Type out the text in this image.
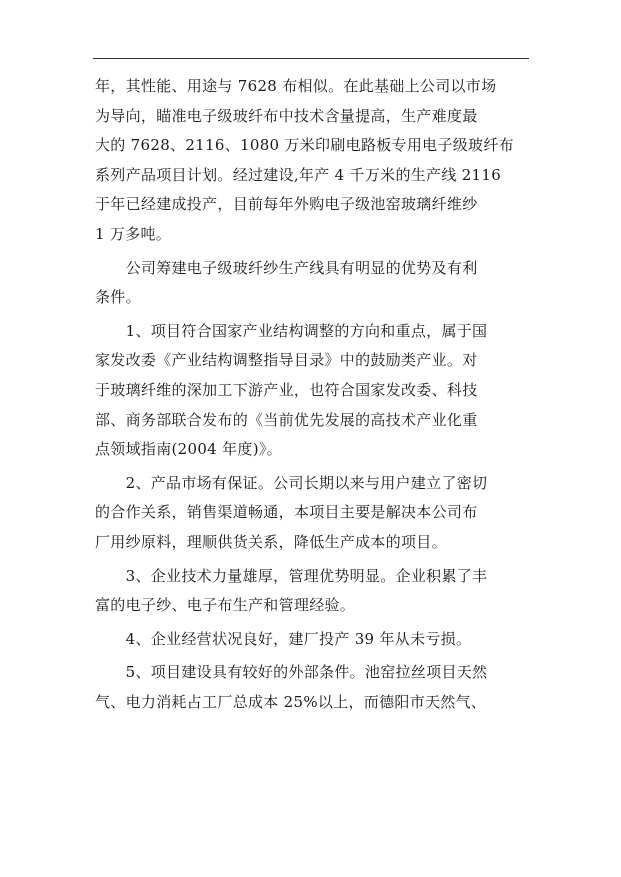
年，其性能、用途与 7628 布相似。在此基础上公司以市场
为导向，瞄准电子级玻纤布中技术含量提高，生产难度最
大的 7628、2116、1080 万米印刷电路板专用电子级玻纤布
系列产品项目计划。经过建设,年产 4 千万米的生产线 2116
于年已经建成投产，目前每年外购电子级池窑玻璃纤维纱
1 万多吨。
　　公司筹建电子级玻纤纱生产线具有明显的优势及有利
条件。
　　1、项目符合国家产业结构调整的方向和重点，属于国
家发改委《产业结构调整指导目录》中的鼓励类产业。对
于玻璃纤维的深加工下游产业，也符合国家发改委、科技
部、商务部联合发布的《当前优先发展的高技术产业化重
点领域指南(2004 年度)》。
　　2、产品市场有保证。公司长期以来与用户建立了密切
的合作关系，销售渠道畅通，本项目主要是解决本公司布
厂用纱原料，理顺供货关系，降低生产成本的项目。
　　3、企业技术力量雄厚，管理优势明显。企业积累了丰
富的电子纱、电子布生产和管理经验。
　　4、企业经营状况良好，建厂投产 39 年从未亏损。
　　5、项目建设具有较好的外部条件。池窑拉丝项目天然
气、电力消耗占工厂总成本 25%以上，而德阳市天然气、
